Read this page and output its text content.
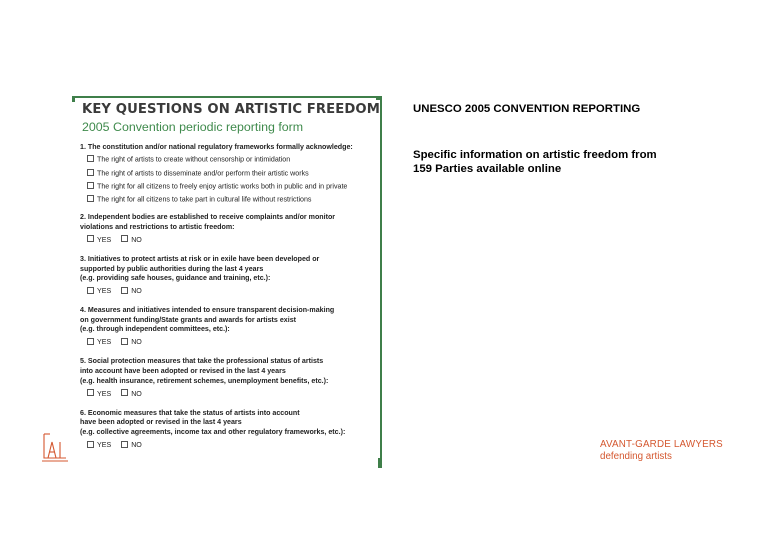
KEY QUESTIONS ON ARTISTIC FREEDOM
2005 Convention periodic reporting form
1. The constitution and/or national regulatory frameworks formally acknowledge:
The right of artists to create without censorship or intimidation
The right of artists to disseminate and/or perform their artistic works
The right for all citizens to freely enjoy artistic works both in public and in private
The right for all citizens to take part in cultural life without restrictions
2. Independent bodies are established to receive complaints and/or monitor
violations and restrictions to artistic freedom:
YES	NO
3. Initiatives to protect artists at risk or in exile have been developed or
supported by public authorities during the last 4 years
(e.g. providing safe houses, guidance and training, etc.):
YES	NO
4. Measures and initiatives intended to ensure transparent decision-making
on government funding/State grants and awards for artists exist
(e.g. through independent committees, etc.):
YES	NO
5. Social protection measures that take the professional status of artists
into account have been adopted or revised in the last 4 years
(e.g. health insurance, retirement schemes, unemployment benefits, etc.):
YES	NO
6. Economic measures that take the status of artists into account
have been adopted or revised in the last 4 years
(e.g. collective agreements, income tax and other regulatory frameworks, etc.):
YES	NO
UNESCO 2005 CONVENTION REPORTING
Specific information on artistic freedom from
159 Parties available online
AVANT-GARDE LAWYERS
defending artists
